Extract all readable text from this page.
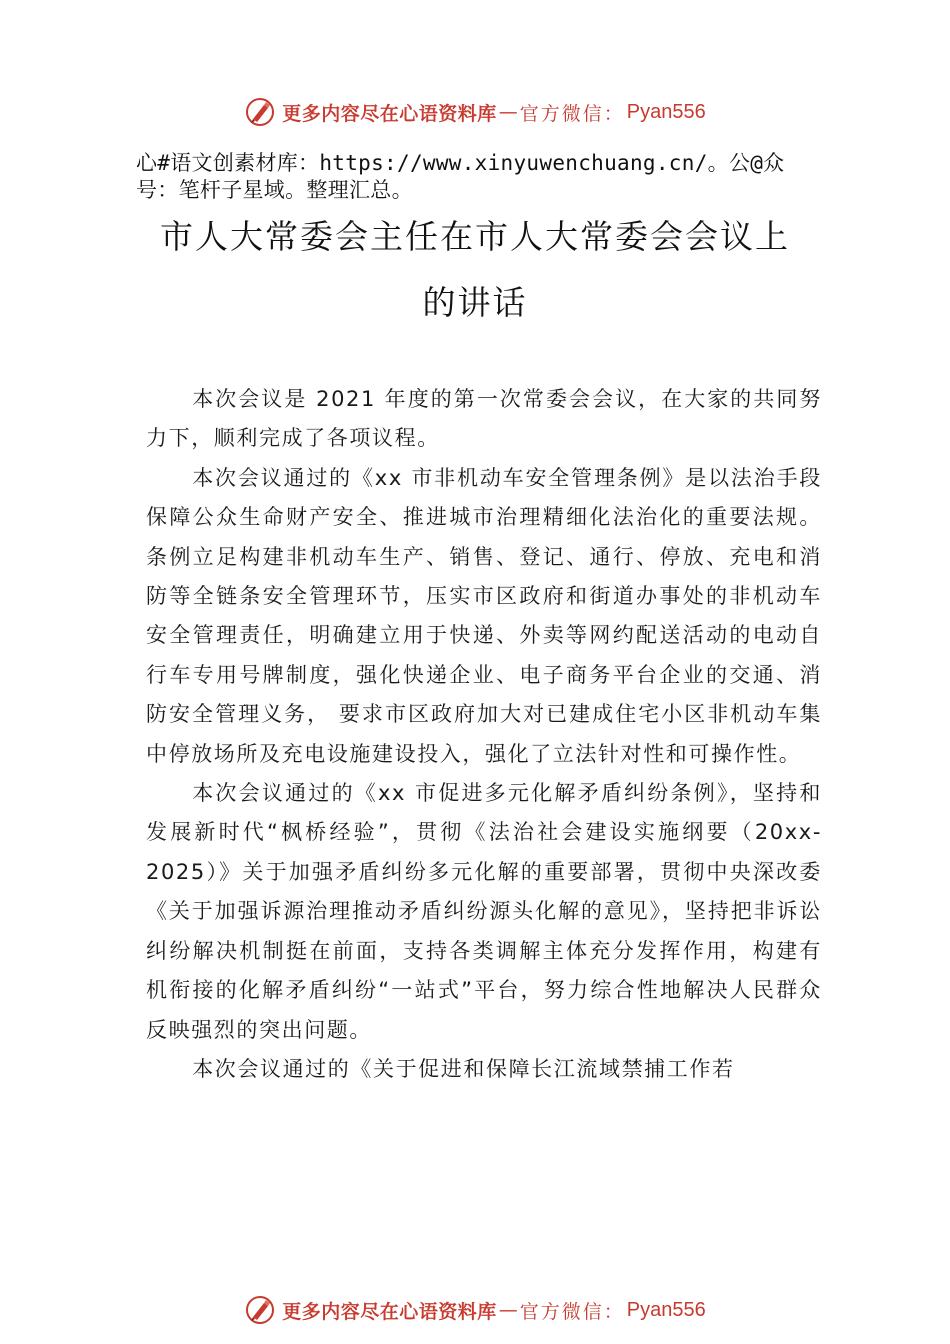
更多内容尽在心语资料库 — 官方微信： Pyan556
心#语文创素材库：https://www.xinyuwenchuang.cn/。公@众号：笔杆子星域。整理汇总。
市人大常委会主任在市人大常委会会议上
的讲话

本次会议是 2021 年度的第一次常委会会议，在大家的共同努力下，顺利完成了各项议程。

本次会议通过的《xx 市非机动车安全管理条例》是以法治手段保障公众生命财产安全、推进城市治理精细化法治化的重要法规。条例立足构建非机动车生产、销售、登记、通行、停放、充电和消防等全链条安全管理环节，压实市区政府和街道办事处的非机动车安全管理责任，明确建立用于快递、外卖等网约配送活动的电动自行车专用号牌制度，强化快递企业、电子商务平台企业的交通、消防安全管理义务， 要求市区政府加大对已建成住宅小区非机动车集中停放场所及充电设施建设投入，强化了立法针对性和可操作性。

本次会议通过的《xx 市促进多元化解矛盾纠纷条例》，坚持和发展新时代“枫桥经验”，贯彻《法治社会建设实施纲要（20xx-2025）》关于加强矛盾纠纷多元化解的重要部署，贯彻中央深改委《关于加强诉源治理推动矛盾纠纷源头化解的意见》，坚持把非诉讼纠纷解决机制挺在前面，支持各类调解主体充分发挥作用，构建有机衔接的化解矛盾纠纷“一站式”平台，努力综合性地解决人民群众反映强烈的突出问题。

本次会议通过的《关于促进和保障长江流域禁捕工作若

更多内容尽在心语资料库 — 官方微信： Pyan556
